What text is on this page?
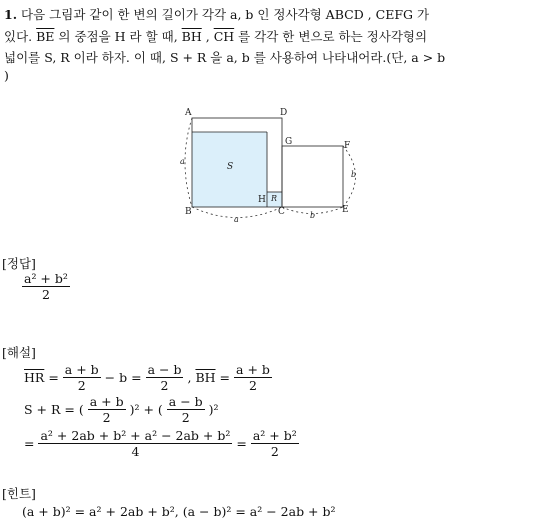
1. 다음 그림과 같이 한 변의 길이가 각각 a, b 인 정사각형 ABCD , CEFG 가
있다. $\overline{BE}$ 의 중점을 H 라 할 때, $\overline{BH}$ , $\overline{CH}$ 를 각각 한 변으로 하는 정사각형의
넓이를 S, R 이라 하자. 이 때, S + R 을 a, b 를 사용하여 나타내어라.(단, a > b
)
A	D
G	F
B
H
C	E
S
R
a
a	b
b
[정답]
$\frac{\text{a² + b²}}{2}$
[해설]
$\overline{HR} = \frac{a + b}{2} - b = \frac{a - b}{2}$ , $\overline{BH} = \frac{a + b}{2}$
S + R = ( $\frac{a + b}{2} )^2$ + ( $\frac{a - b}{2} )^2$
= $\frac{\text{a² + 2ab + b² + a² − 2ab + b²}}{4} = \frac{\text{a² + b²}}{2}$
[힌트]
(a + b)² = a² + 2ab + b², (a − b)² = a² − 2ab + b²
